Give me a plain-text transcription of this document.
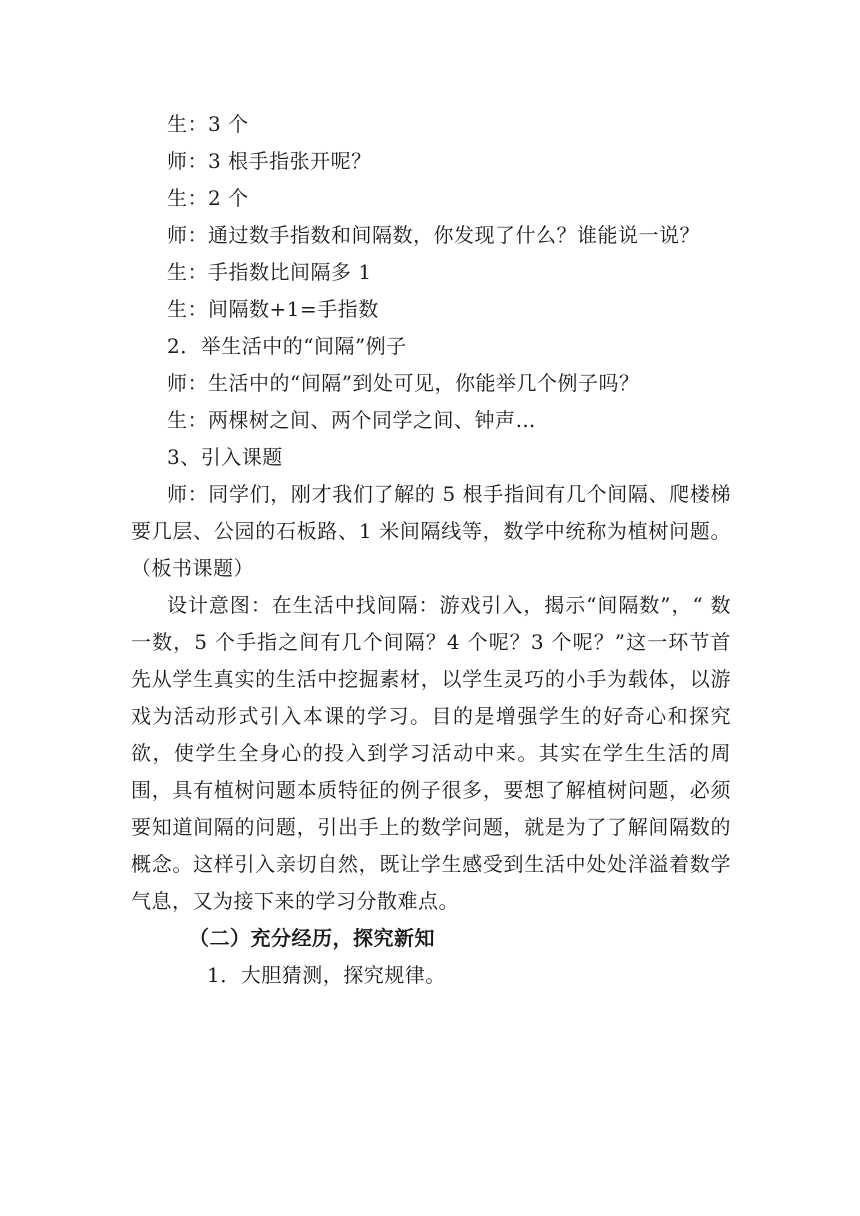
生：3 个

师：3 根手指张开呢？

生：2 个

师：通过数手指数和间隔数，你发现了什么？谁能说一说？

生：手指数比间隔多 1

生：间隔数+1=手指数

2．举生活中的“间隔”例子

师：生活中的“间隔”到处可见，你能举几个例子吗？

生：两棵树之间、两个同学之间、钟声…

3、引入课题

师：同学们，刚才我们了解的 5 根手指间有几个间隔、爬楼梯要几层、公园的石板路、1 米间隔线等，数学中统称为植树问题。（板书课题）

设计意图：在生活中找间隔：游戏引入，揭示“间隔数”，“ 数一数，5 个手指之间有几个间隔？4 个呢？3 个呢？”这一环节首先从学生真实的生活中挖掘素材，以学生灵巧的小手为载体，以游戏为活动形式引入本课的学习。目的是增强学生的好奇心和探究欲，使学生全身心的投入到学习活动中来。其实在学生生活的周围，具有植树问题本质特征的例子很多，要想了解植树问题，必须要知道间隔的问题，引出手上的数学问题，就是为了了解间隔数的概念。这样引入亲切自然，既让学生感受到生活中处处洋溢着数学气息，又为接下来的学习分散难点。

（二）充分经历，探究新知

1．大胆猜测，探究规律。
